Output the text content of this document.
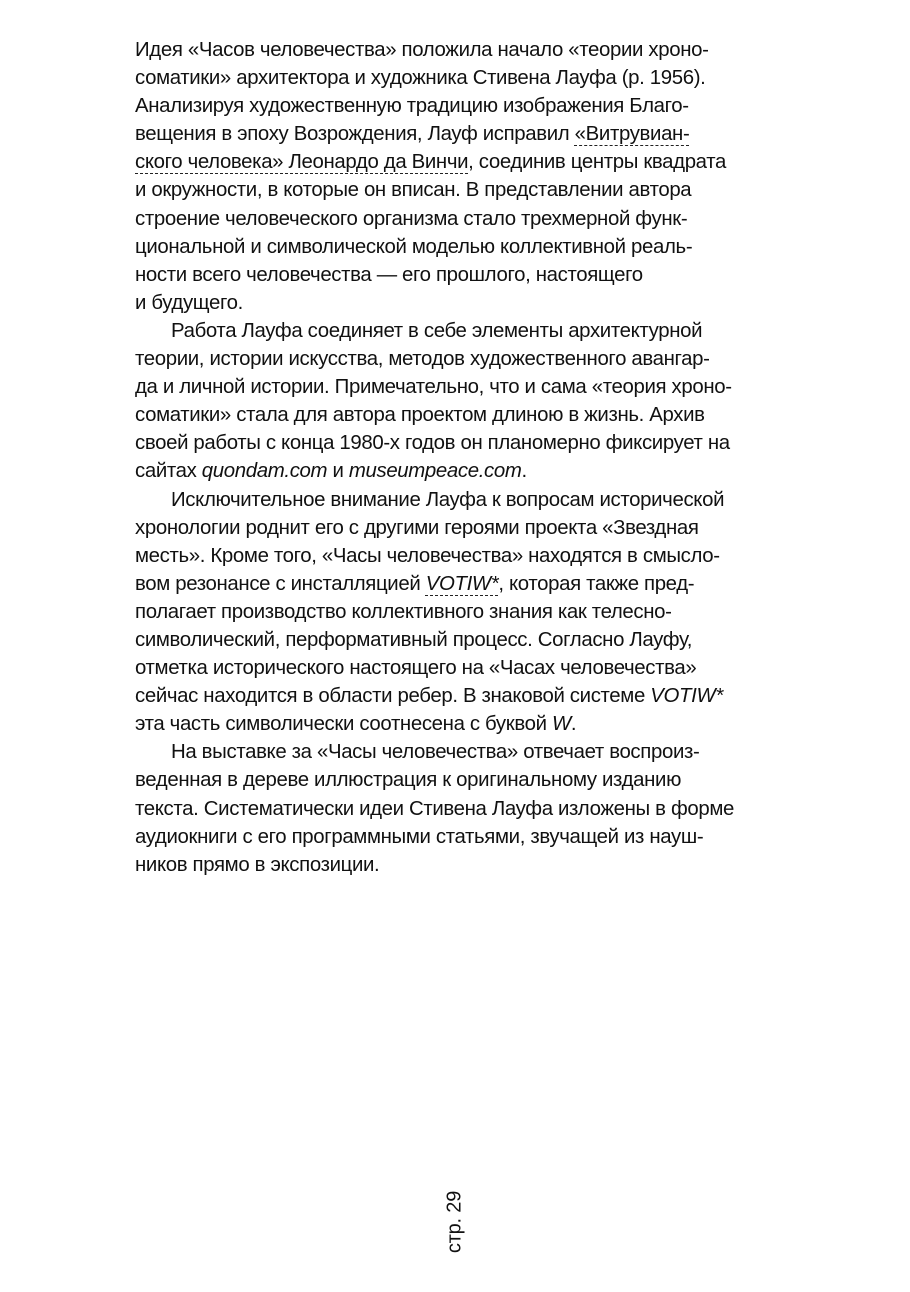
Идея «Часов человечества» положила начало «теории хроно-
соматики» архитектора и художника Стивена Лауфа (р. 1956).
Анализируя художественную традицию изображения Благо-
вещения в эпоху Возрождения, Лауф исправил «Витрувиан-
ского человека» Леонардо да Винчи, соединив центры квадрата
и окружности, в которые он вписан. В представлении автора
строение человеческого организма стало трехмерной функ-
циональной и символической моделью коллективной реаль-
ности всего человечества — его прошлого, настоящего
и будущего.
Работа Лауфа соединяет в себе элементы архитектурной
теории, истории искусства, методов художественного авангар-
да и личной истории. Примечательно, что и сама «теория хроно-
соматики» стала для автора проектом длиною в жизнь. Архив
своей работы с конца 1980-х годов он планомерно фиксирует на
сайтах quondam.com и museumpeace.com.
Исключительное внимание Лауфа к вопросам исторической
хронологии роднит его с другими героями проекта «Звездная
месть». Кроме того, «Часы человечества» находятся в смысло-
вом резонансе с инсталляцией VOTIW*, которая также пред-
полагает производство коллективного знания как телесно-
символический, перформативный процесс. Согласно Лауфу,
отметка исторического настоящего на «Часах человечества»
сейчас находится в области ребер. В знаковой системе VOTIW*
эта часть символически соотнесена с буквой W.
На выставке за «Часы человечества» отвечает воспроиз-
веденная в дереве иллюстрация к оригинальному изданию
текста. Систематически идеи Стивена Лауфа изложены в форме
аудиокниги с его программными статьями, звучащей из науш-
ников прямо в экспозиции.
стр. 29
